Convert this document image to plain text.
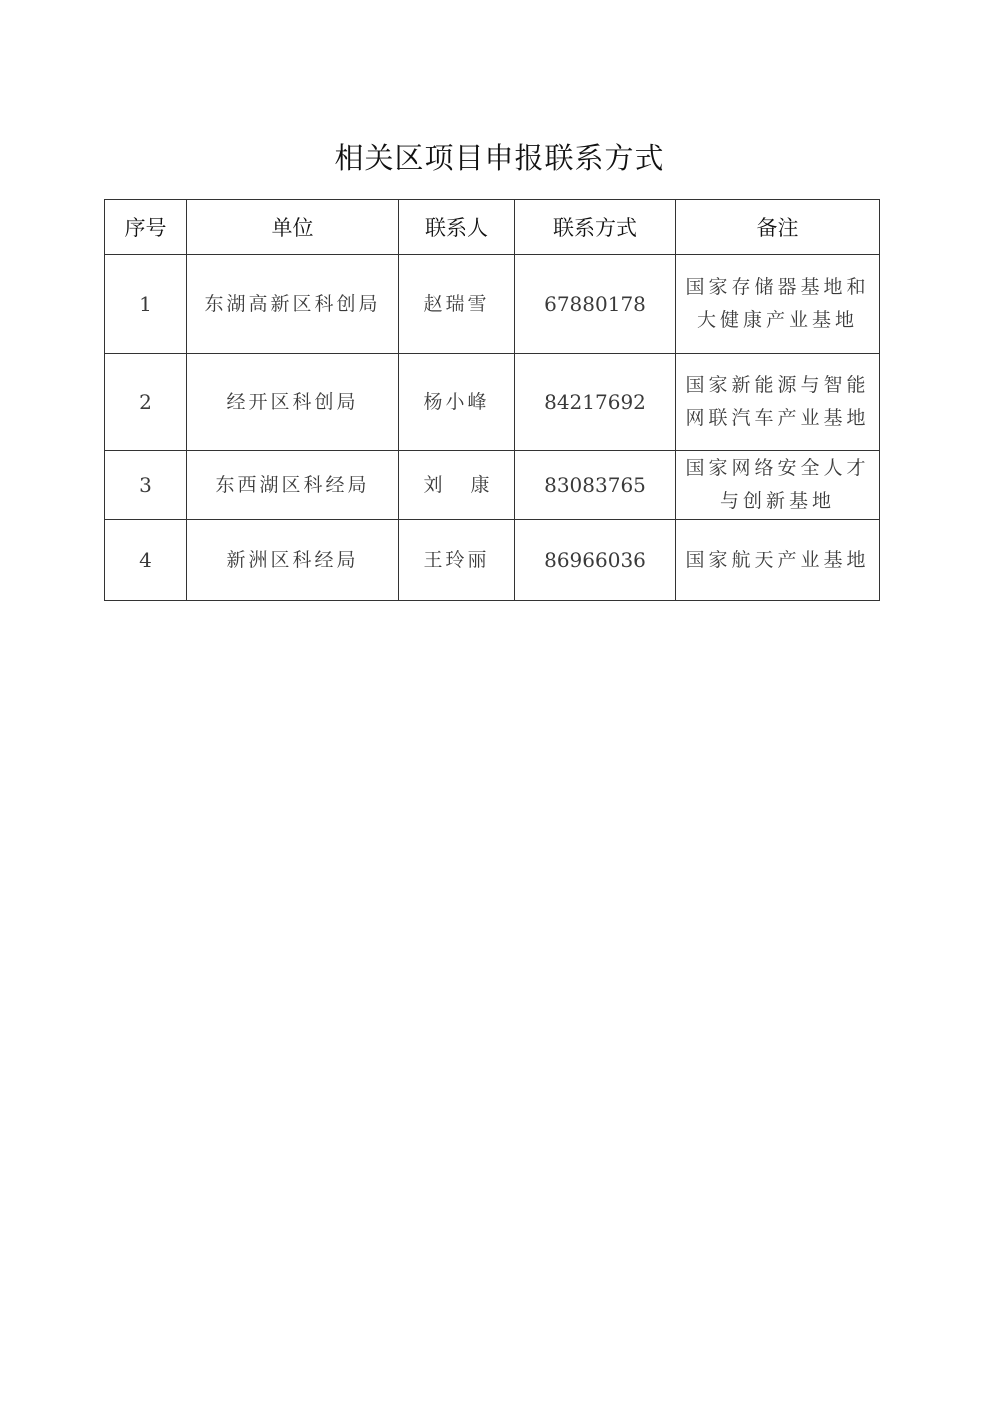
相关区项目申报联系方式
序号	单位	联系人	联系方式	备注
1	东湖高新区科创局	赵瑞雪	67880178	国家存储器基地和大健康产业基地
2	经开区科创局	杨小峰	84217692	国家新能源与智能网联汽车产业基地
3	东西湖区科经局	刘康	83083765	国家网络安全人才与创新基地
4	新洲区科经局	王玲丽	86966036	国家航天产业基地
